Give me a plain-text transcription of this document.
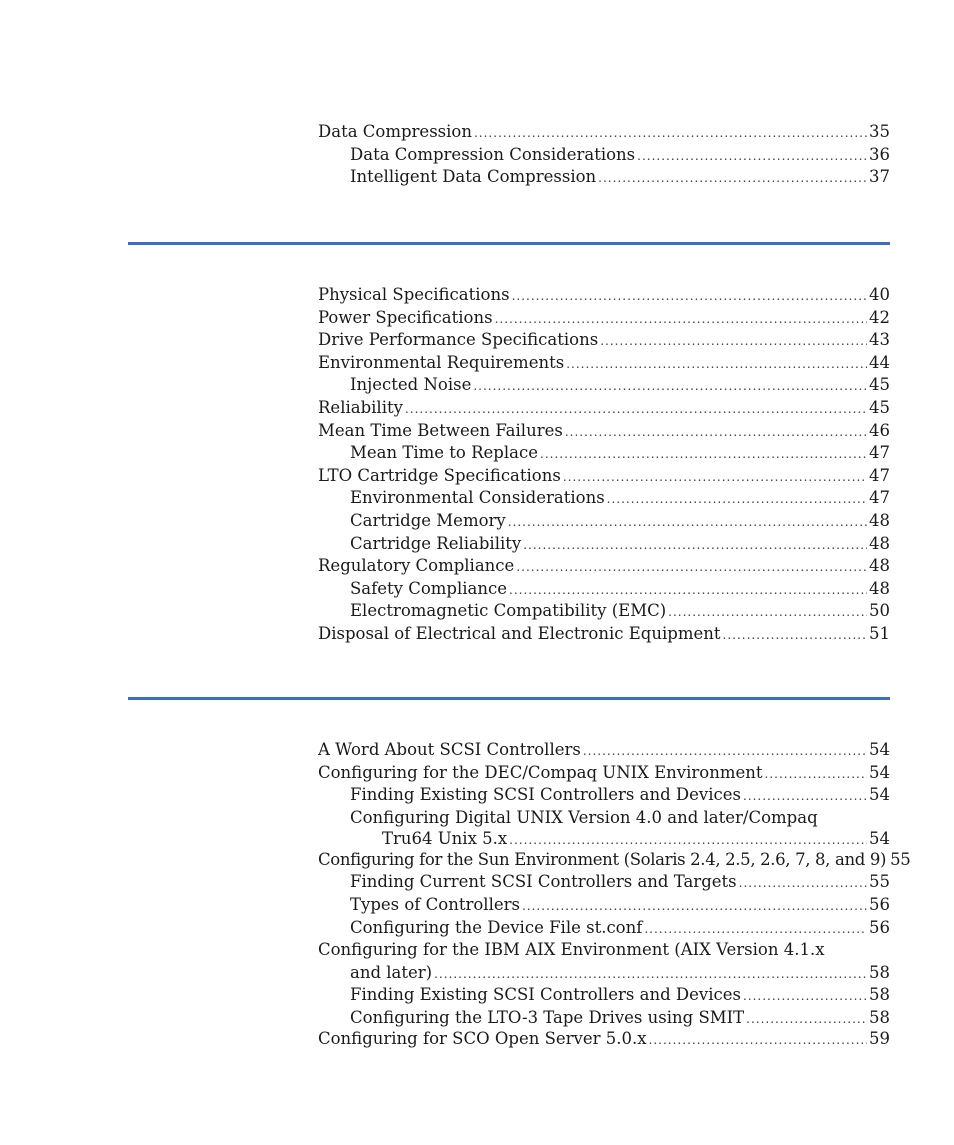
Data Compression .....	35
Data Compression Considerations .....	36
Intelligent Data Compression .....	37
Physical Specifications .....	40
Power Specifications .....	42
Drive Performance Specifications .....	43
Environmental Requirements .....	44
Injected Noise .....	45
Reliability .....	45
Mean Time Between Failures .....	46
Mean Time to Replace .....	47
LTO Cartridge Specifications .....	47
Environmental Considerations .....	47
Cartridge Memory .....	48
Cartridge Reliability .....	48
Regulatory Compliance .....	48
Safety Compliance .....	48
Electromagnetic Compatibility (EMC) .....	50
Disposal of Electrical and Electronic Equipment .....	51
A Word About SCSI Controllers .....	54
Configuring for the DEC/Compaq UNIX Environment .....	54
Finding Existing SCSI Controllers and Devices .....	54
Configuring Digital UNIX Version 4.0 and later/Compaq
Tru64 Unix 5.x .....	54
Configuring for the Sun Environment (Solaris 2.4, 2.5, 2.6, 7, 8, and 9) 55
Finding Current SCSI Controllers and Targets .....	55
Types of Controllers .....	56
Configuring the Device File st.conf .....	56
Configuring for the IBM AIX Environment (AIX Version 4.1.x
and later) .....	58
Finding Existing SCSI Controllers and Devices .....	58
Configuring the LTO-3 Tape Drives using SMIT .....	58
Configuring for SCO Open Server 5.0.x .....	59
